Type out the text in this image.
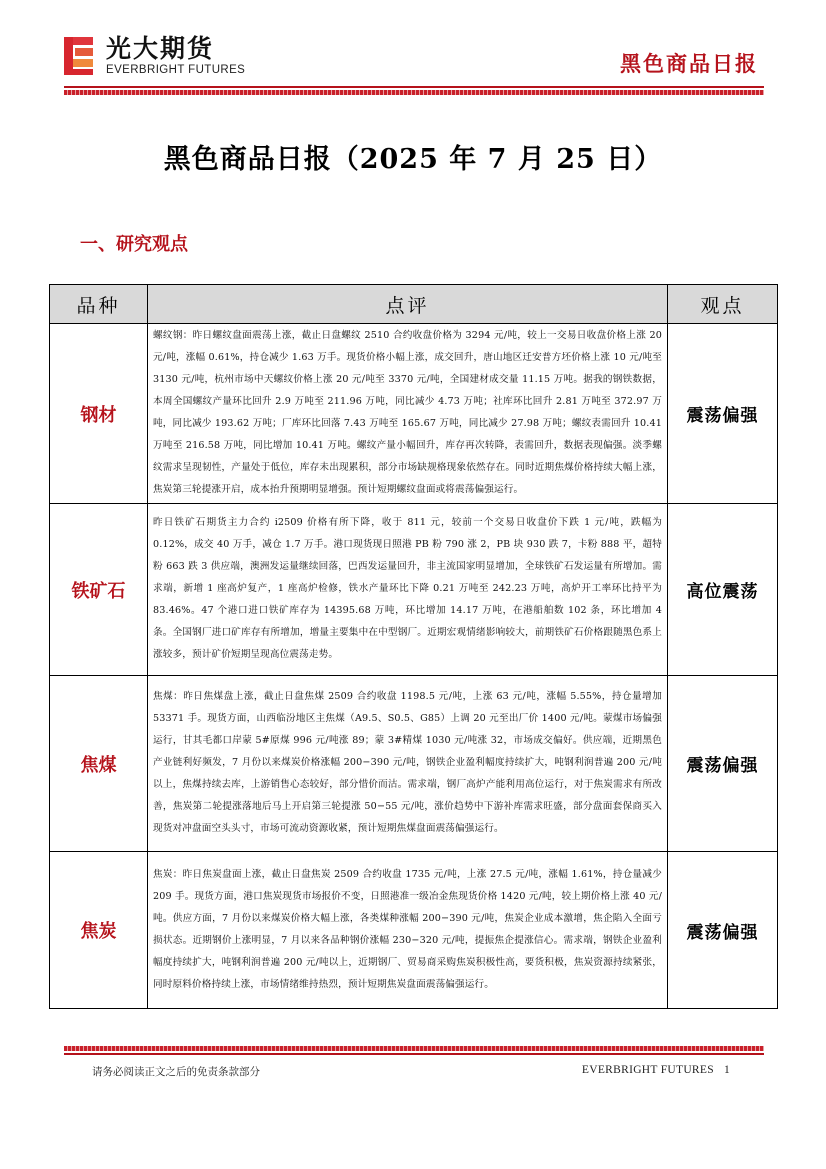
光大期货
EVERBRIGHT FUTURES	黑色商品日报
黑色商品日报（2025 年 7 月 25 日）
一、研究观点
品种	点评	观点
钢材	螺纹钢：昨日螺纹盘面震荡上涨，截止日盘螺纹 2510 合约收盘价格为 3294 元/吨，较上一交易日收盘价格上涨 20 元/吨，涨幅 0.61%，持仓减少 1.63 万手。现货价格小幅上涨，成交回升，唐山地区迁安普方坯价格上涨 10 元/吨至 3130 元/吨，杭州市场中天螺纹价格上涨 20 元/吨至 3370 元/吨，全国建材成交量 11.15 万吨。据我的钢铁数据，本周全国螺纹产量环比回升 2.9 万吨至 211.96 万吨，同比减少 4.73 万吨；社库环比回升 2.81 万吨至 372.97 万吨，同比减少 193.62 万吨；厂库环比回落 7.43 万吨至 165.67 万吨，同比减少 27.98 万吨；螺纹表需回升 10.41 万吨至 216.58 万吨，同比增加 10.41 万吨。螺纹产量小幅回升，库存再次转降，表需回升，数据表现偏强。淡季螺纹需求呈现韧性，产量处于低位，库存未出现累积，部分市场缺规格现象依然存在。同时近期焦煤价格持续大幅上涨，焦炭第三轮提涨开启，成本抬升预期明显增强。预计短期螺纹盘面或将震荡偏强运行。	震荡偏强
铁矿石	昨日铁矿石期货主力合约 i2509 价格有所下降，收于 811 元，较前一个交易日收盘价下跌 1 元/吨，跌幅为 0.12%，成交 40 万手，减仓 1.7 万手。港口现货现日照港 PB 粉 790 涨 2，PB 块 930 跌 7，卡粉 888 平，超特粉 663 跌 3 供应端，澳洲发运量继续回落，巴西发运量回升，非主流国家明显增加，全球铁矿石发运量有所增加。需求端，新增 1 座高炉复产，1 座高炉检修，铁水产量环比下降 0.21 万吨至 242.23 万吨，高炉开工率环比持平为 83.46%。47 个港口进口铁矿库存为 14395.68 万吨，环比增加 14.17 万吨，在港船舶数 102 条，环比增加 4 条。全国钢厂进口矿库存有所增加，增量主要集中在中型钢厂。近期宏观情绪影响较大，前期铁矿石价格跟随黑色系上涨较多，预计矿价短期呈现高位震荡走势。	高位震荡
焦煤	焦煤：昨日焦煤盘上涨，截止日盘焦煤 2509 合约收盘 1198.5 元/吨，上涨 63 元/吨，涨幅 5.55%，持仓量增加 53371 手。现货方面，山西临汾地区主焦煤（A9.5、S0.5、G85）上调 20 元至出厂价 1400 元/吨。蒙煤市场偏强运行，甘其毛都口岸蒙 5#原煤 996 元/吨涨 89；蒙 3#精煤 1030 元/吨涨 32，市场成交偏好。供应端，近期黑色产业链利好频发，7 月份以来煤炭价格涨幅 200−390 元/吨，钢铁企业盈利幅度持续扩大，吨钢利润普遍 200 元/吨以上，焦煤持续去库，上游销售心态较好，部分惜价而沽。需求端，钢厂高炉产能利用高位运行，对于焦炭需求有所改善，焦炭第二轮提涨落地后马上开启第三轮提涨 50−55 元/吨，涨价趋势中下游补库需求旺盛，部分盘面套保商买入现货对冲盘面空头头寸，市场可流动资源收紧，预计短期焦煤盘面震荡偏强运行。	震荡偏强
焦炭	焦炭：昨日焦炭盘面上涨，截止日盘焦炭 2509 合约收盘 1735 元/吨，上涨 27.5 元/吨，涨幅 1.61%，持仓量减少 209 手。现货方面，港口焦炭现货市场报价不变，日照港准一级冶金焦现货价格 1420 元/吨，较上期价格上涨 40 元/吨。供应方面，7 月份以来煤炭价格大幅上涨，各类煤种涨幅 200−390 元/吨，焦炭企业成本激增，焦企陷入全面亏损状态。近期钢价上涨明显，7 月以来各品种钢价涨幅 230−320 元/吨，提振焦企提涨信心。需求端，钢铁企业盈利幅度持续扩大，吨钢利润普遍 200 元/吨以上，近期钢厂、贸易商采购焦炭积极性高，要货积极，焦炭资源持续紧张，同时原料价格持续上涨，市场情绪维持热烈，预计短期焦炭盘面震荡偏强运行。	震荡偏强
请务必阅读正文之后的免责条款部分	EVERBRIGHT FUTURES 1
